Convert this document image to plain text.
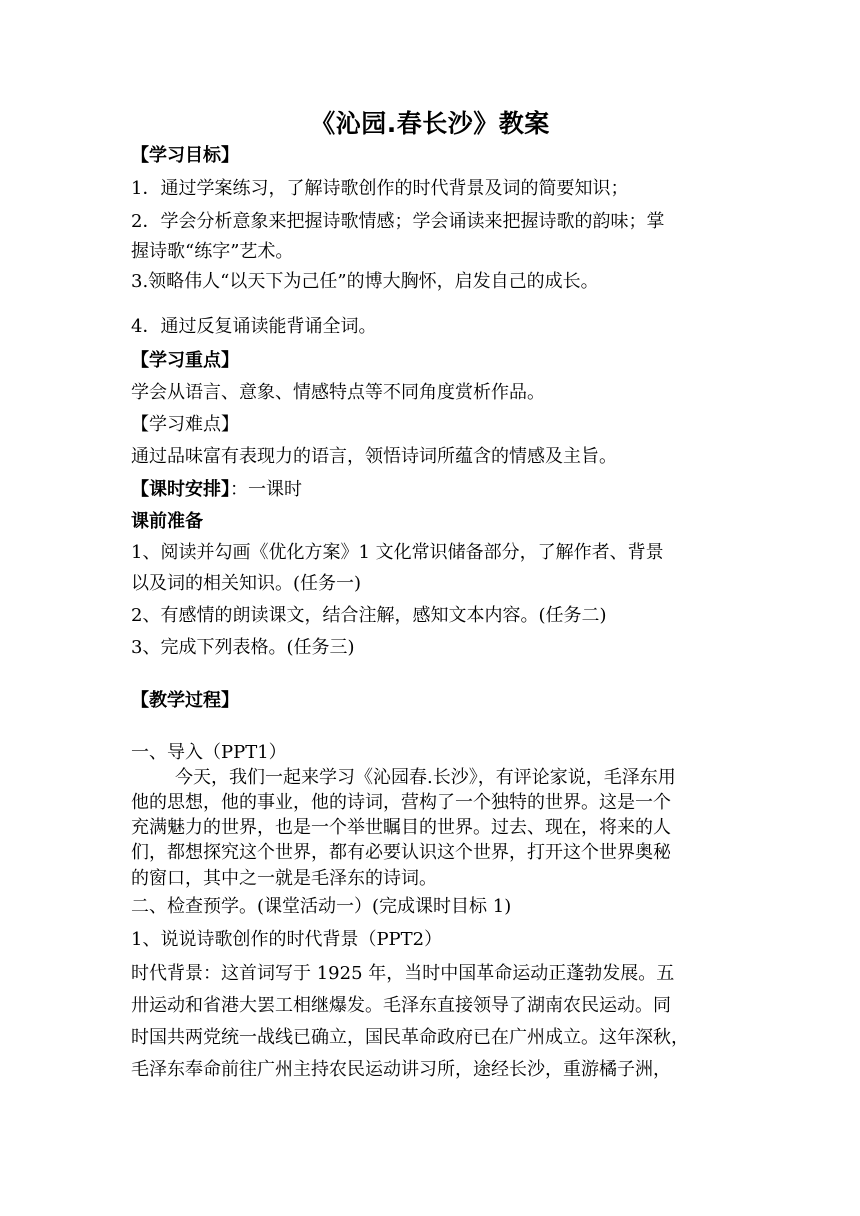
《沁园.春长沙》教案
【学习目标】
1．通过学案练习，了解诗歌创作的时代背景及词的简要知识；
2．学会分析意象来把握诗歌情感；学会诵读来把握诗歌的韵味；掌
握诗歌“练字”艺术。
3.领略伟人“以天下为己任”的博大胸怀，启发自己的成长。
4．通过反复诵读能背诵全词。
【学习重点】
学会从语言、意象、情感特点等不同角度赏析作品。
【学习难点】
通过品味富有表现力的语言，领悟诗词所蕴含的情感及主旨。
【课时安排】：一课时
课前准备
1、阅读并勾画《优化方案》1 文化常识储备部分，了解作者、背景
以及词的相关知识。(任务一)
2、有感情的朗读课文，结合注解，感知文本内容。(任务二)
3、完成下列表格。(任务三)
【教学过程】
一、导入（PPT1）
今天，我们一起来学习《沁园春.长沙》，有评论家说，毛泽东用
他的思想，他的事业，他的诗词，营构了一个独特的世界。这是一个
充满魅力的世界，也是一个举世瞩目的世界。过去、现在，将来的人
们，都想探究这个世界，都有必要认识这个世界，打开这个世界奥秘
的窗口，其中之一就是毛泽东的诗词。
二、检查预学。(课堂活动一）(完成课时目标 1)
1、说说诗歌创作的时代背景（PPT2）
时代背景：这首词写于 1925 年，当时中国革命运动正蓬勃发展。五
卅运动和省港大罢工相继爆发。毛泽东直接领导了湖南农民运动。同
时国共两党统一战线已确立，国民革命政府已在广州成立。这年深秋，
毛泽东奉命前往广州主持农民运动讲习所，途经长沙，重游橘子洲，
